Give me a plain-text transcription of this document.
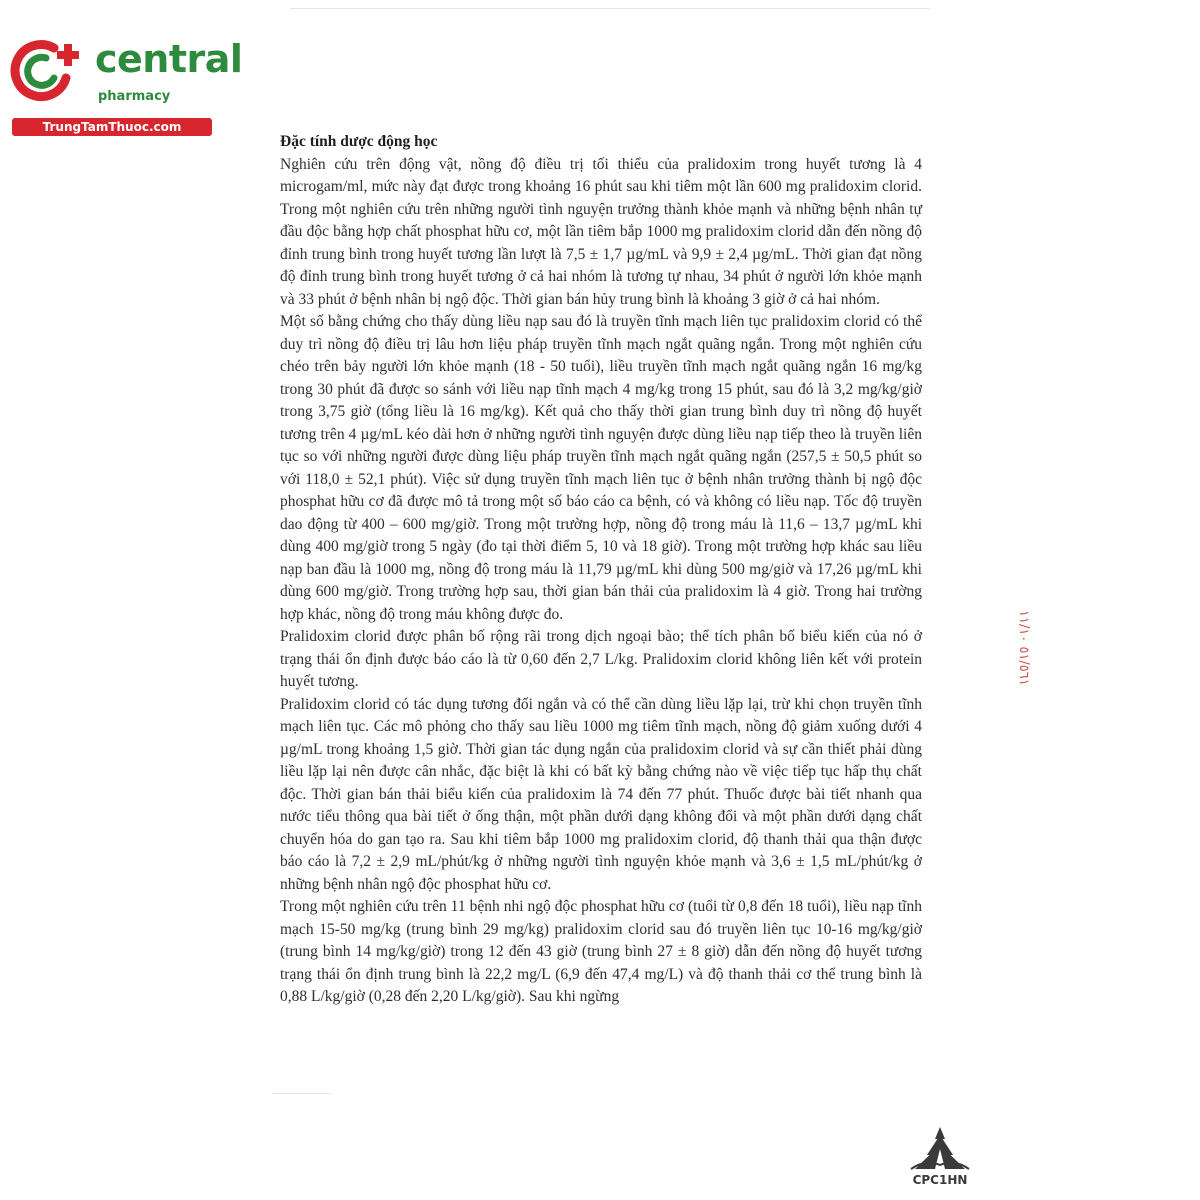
central
pharmacy
TrungTamThuoc.com

Đặc tính dược động học

Nghiên cứu trên động vật, nồng độ điều trị tối thiểu của pralidoxim trong huyết tương là 4 microgam/ml, mức này đạt được trong khoảng 16 phút sau khi tiêm một lần 600 mg pralidoxim clorid. Trong một nghiên cứu trên những người tình nguyện trưởng thành khỏe mạnh và những bệnh nhân tự đầu độc bằng hợp chất phosphat hữu cơ, một lần tiêm bắp 1000 mg pralidoxim clorid dẫn đến nồng độ đỉnh trung bình trong huyết tương lần lượt là 7,5 ± 1,7 µg/mL và 9,9 ± 2,4 µg/mL. Thời gian đạt nồng độ đỉnh trung bình trong huyết tương ở cả hai nhóm là tương tự nhau, 34 phút ở người lớn khỏe mạnh và 33 phút ở bệnh nhân bị ngộ độc. Thời gian bán hủy trung bình là khoảng 3 giờ ở cả hai nhóm.

Một số bằng chứng cho thấy dùng liều nạp sau đó là truyền tĩnh mạch liên tục pralidoxim clorid có thể duy trì nồng độ điều trị lâu hơn liệu pháp truyền tĩnh mạch ngắt quãng ngắn. Trong một nghiên cứu chéo trên bảy người lớn khỏe mạnh (18 - 50 tuổi), liều truyền tĩnh mạch ngắt quãng ngắn 16 mg/kg trong 30 phút đã được so sánh với liều nạp tĩnh mạch 4 mg/kg trong 15 phút, sau đó là 3,2 mg/kg/giờ trong 3,75 giờ (tổng liều là 16 mg/kg). Kết quả cho thấy thời gian trung bình duy trì nồng độ huyết tương trên 4 µg/mL kéo dài hơn ở những người tình nguyện được dùng liều nạp tiếp theo là truyền liên tục so với những người được dùng liệu pháp truyền tĩnh mạch ngắt quãng ngắn (257,5 ± 50,5 phút so với 118,0 ± 52,1 phút). Việc sử dụng truyền tĩnh mạch liên tục ở bệnh nhân trưởng thành bị ngộ độc phosphat hữu cơ đã được mô tả trong một số báo cáo ca bệnh, có và không có liều nạp. Tốc độ truyền dao động từ 400 – 600 mg/giờ. Trong một trường hợp, nồng độ trong máu là 11,6 – 13,7 µg/mL khi dùng 400 mg/giờ trong 5 ngày (đo tại thời điểm 5, 10 và 18 giờ). Trong một trường hợp khác sau liều nạp ban đầu là 1000 mg, nồng độ trong máu là 11,79 µg/mL khi dùng 500 mg/giờ và 17,26 µg/mL khi dùng 600 mg/giờ. Trong trường hợp sau, thời gian bán thải của pralidoxim là 4 giờ. Trong hai trường hợp khác, nồng độ trong máu không được đo.

Pralidoxim clorid được phân bố rộng rãi trong dịch ngoại bào; thể tích phân bố biểu kiến của nó ở trạng thái ổn định được báo cáo là từ 0,60 đến 2,7 L/kg. Pralidoxim clorid không liên kết với protein huyết tương.

Pralidoxim clorid có tác dụng tương đối ngắn và có thể cần dùng liều lặp lại, trừ khi chọn truyền tĩnh mạch liên tục. Các mô phỏng cho thấy sau liều 1000 mg tiêm tĩnh mạch, nồng độ giảm xuống dưới 4 µg/mL trong khoảng 1,5 giờ. Thời gian tác dụng ngắn của pralidoxim clorid và sự cần thiết phải dùng liều lặp lại nên được cân nhắc, đặc biệt là khi có bất kỳ bằng chứng nào về việc tiếp tục hấp thụ chất độc. Thời gian bán thải biểu kiến của pralidoxim là 74 đến 77 phút. Thuốc được bài tiết nhanh qua nước tiểu thông qua bài tiết ở ống thận, một phần dưới dạng không đổi và một phần dưới dạng chất chuyển hóa do gan tạo ra. Sau khi tiêm bắp 1000 mg pralidoxim clorid, độ thanh thải qua thận được báo cáo là 7,2 ± 2,9 mL/phút/kg ở những người tình nguyện khỏe mạnh và 3,6 ± 1,5 mL/phút/kg ở những bệnh nhân ngộ độc phosphat hữu cơ.

Trong một nghiên cứu trên 11 bệnh nhi ngộ độc phosphat hữu cơ (tuổi từ 0,8 đến 18 tuổi), liều nạp tĩnh mạch 15-50 mg/kg (trung bình 29 mg/kg) pralidoxim clorid sau đó truyền liên tục 10-16 mg/kg/giờ (trung bình 14 mg/kg/giờ) trong 12 đến 43 giờ (trung bình 27 ± 8 giờ) dẫn đến nồng độ huyết tương trạng thái ổn định trung bình là 22,2 mg/L (6,9 đến 47,4 mg/L) và độ thanh thải cơ thể trung bình là 0,88 L/kg/giờ (0,28 đến 2,20 L/kg/giờ). Sau khi ngừng

٥١/٥٦١ ١١/١٠
CPC1HN
